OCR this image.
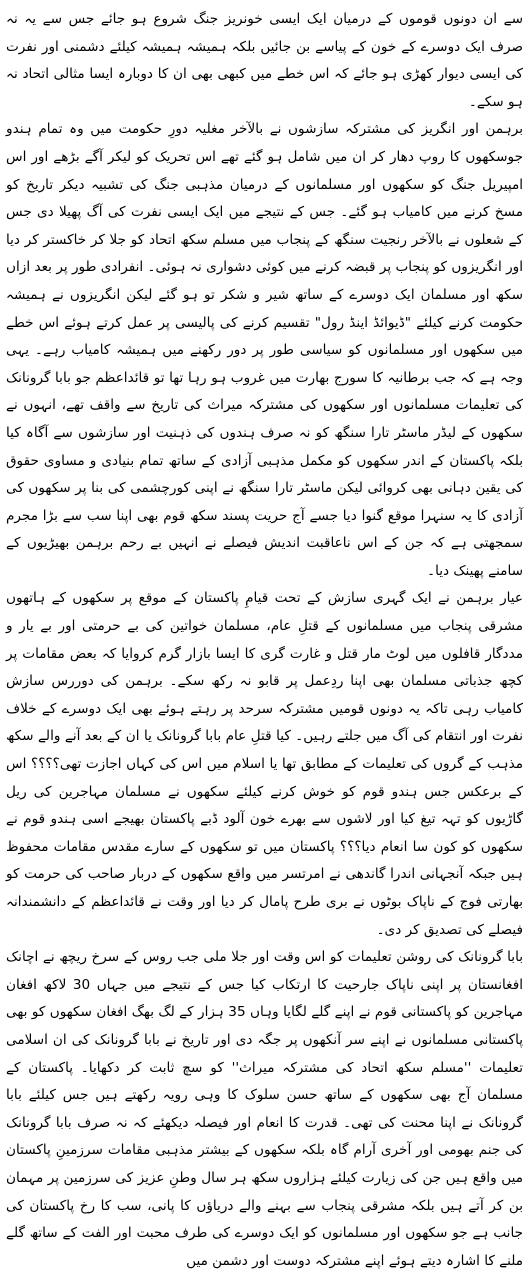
سے ان دونوں قوموں کے درمیان ایک ایسی خونریز جنگ شروع ہو جائے جس سے یہ نہ صرف ایک دوسرے کے خون کے پیاسے بن جائیں بلکہ ہمیشہ ہمیشہ کیلئے دشمنی اور نفرت کی ایسی دیوار کھڑی ہو جائے کہ اس خطے میں کبھی بھی ان کا دوبارہ ایسا مثالی اتحاد نہ ہو سکے۔

برہمن اور انگریز کی مشترکہ سازشوں نے بالآخر مغلیہ دورِ حکومت میں وہ تمام ہندو جوسکھوں کا روپ دھار کر ان میں شامل ہو گئے تھے اس تحریک کو لیکر آگے بڑھے اور اس امپیریل جنگ کو سکھوں اور مسلمانوں کے درمیان مذہبی جنگ کی تشبیہ دیکر تاریخ کو مسخ کرنے میں کامیاب ہو گئے۔ جس کے نتیجے میں ایک ایسی نفرت کی آگ پھیلا دی جس کے شعلوں نے بالآخر رنجیت سنگھ کے پنجاب میں مسلم سکھ اتحاد کو جلا کر خاکستر کر دیا اور انگریزوں کو پنجاب پر قبضہ کرنے میں کوئی دشواری نہ ہوئی۔ انفرادی طور پر بعد ازاں سکھ اور مسلمان ایک دوسرے کے ساتھ شیر و شکر تو ہو گئے لیکن انگریزوں نے ہمیشہ حکومت کرنے کیلئے "ڈیوائڈ اینڈ رول" تقسیم کرنے کی پالیسی پر عمل کرتے ہوئے اس خطے میں سکھوں اور مسلمانوں کو سیاسی طور پر دور رکھنے میں ہمیشہ کامیاب رہے۔ یہی وجہ ہے کہ جب برطانیہ کا سورج بھارت میں غروب ہو رہا تھا تو قائداعظم جو بابا گرونانک کی تعلیمات مسلمانوں اور سکھوں کی مشترکہ میراث کی تاریخ سے واقف تھے، انہوں نے سکھوں کے لیڈر ماسٹر تارا سنگھ کو نہ صرف ہندوں کی ذہنیت اور سازشوں سے آگاہ کیا بلکہ پاکستان کے اندر سکھوں کو مکمل مذہبی آزادی کے ساتھ تمام بنیادی و مساوی حقوق کی یقین دہانی بھی کروائی لیکن ماسٹر تارا سنگھ نے اپنی کورچشمی کی بنا پر سکھوں کی آزادی کا یہ سنہرا موقع گنوا دیا جسے آج حریت پسند سکھ قوم بھی اپنا سب سے بڑا مجرم سمجھتی ہے کہ جن کے اس ناعاقبت اندیش فیصلے نے انہیں بے رحم برہمن بھیڑیوں کے سامنے پھینک دیا۔

عیار برہمن نے ایک گہری سازش کے تحت قیامِ پاکستان کے موقع پر سکھوں کے ہاتھوں مشرقی پنجاب میں مسلمانوں کے قتلِ عام، مسلمان خواتین کی بے حرمتی اور بے یار و مددگار قافلوں میں لوٹ مار قتل و غارت گری کا ایسا بازار گرم کروایا کہ بعض مقامات پر کچھ جذباتی مسلمان بھی اپنا ردِعمل پر قابو نہ رکھ سکے۔ برہمن کی دوررس سازش کامیاب رہی تاکہ یہ دونوں قومیں مشترکہ سرحد پر رہتے ہوئے بھی ایک دوسرے کے خلاف نفرت اور انتقام کی آگ میں جلتے رہیں۔ کیا قتلِ عام بابا گرونانک یا ان کے بعد آنے والے سکھ مذہب کے گروں کی تعلیمات کے مطابق تھا یا اسلام میں اس کی کہاں اجازت تھی؟؟؟؟ اس کے برعکس جس ہندو قوم کو خوش کرنے کیلئے سکھوں نے مسلمان مہاجرین کی ریل گاڑیوں کو تہہ تیغ کیا اور لاشوں سے بھرے خون آلود ڈبے پاکستان بھیجے اسی ہندو قوم نے سکھوں کو کون سا انعام دیا؟؟؟ پاکستان میں تو سکھوں کے سارے مقدس مقامات محفوظ ہیں جبکہ آنجہانی اندرا گاندھی نے امرتسر میں واقع سکھوں کے دربار صاحب کی حرمت کو بھارتی فوج کے ناپاک بوٹوں نے بری طرح پامال کر دیا اور وقت نے قائداعظم کے دانشمندانہ فیصلے کی تصدیق کر دی۔

بابا گرونانک کی روشن تعلیمات کو اس وقت اور جلا ملی جب روس کے سرخ ریچھ نے اچانک افغانستان پر اپنی ناپاک جارحیت کا ارتکاب کیا جس کے نتیجے میں جہاں 30 لاکھ افغان مہاجرین کو پاکستانی قوم نے اپنے گلے لگایا وہاں 35 ہزار کے لگ بھگ افغان سکھوں کو بھی پاکستانی مسلمانوں نے اپنے سر آنکھوں پر جگہ دی اور تاریخ نے بابا گرونانک کی ان اسلامی تعلیمات ''مسلم سکھ اتحاد کی مشترکہ میراث'' کو سچ ثابت کر دکھایا۔ پاکستان کے مسلمان آج بھی سکھوں کے ساتھ حسن سلوک کا وہی رویہ رکھتے ہیں جس کیلئے بابا گرونانک نے اپنا محنت کی تھی۔ قدرت کا انعام اور فیصلہ دیکھئے کہ نہ صرف بابا گرونانک کی جنم بھومی اور آخری آرام گاہ بلکہ سکھوں کے بیشتر مذہبی مقامات سرزمینِ پاکستان میں واقع ہیں جن کی زیارت کیلئے ہزاروں سکھ ہر سال وطنِ عزیز کی سرزمین پر مہمان بن کر آتے ہیں بلکہ مشرقی پنجاب سے بہنے والے دریاؤں کا پانی، سب کا رخ پاکستان کی جانب ہے جو سکھوں اور مسلمانوں کو ایک دوسرے کی طرف محبت اور الفت کے ساتھ گلے ملنے کا اشارہ دیتے ہوئے اپنے مشترکہ دوست اور دشمن میں
